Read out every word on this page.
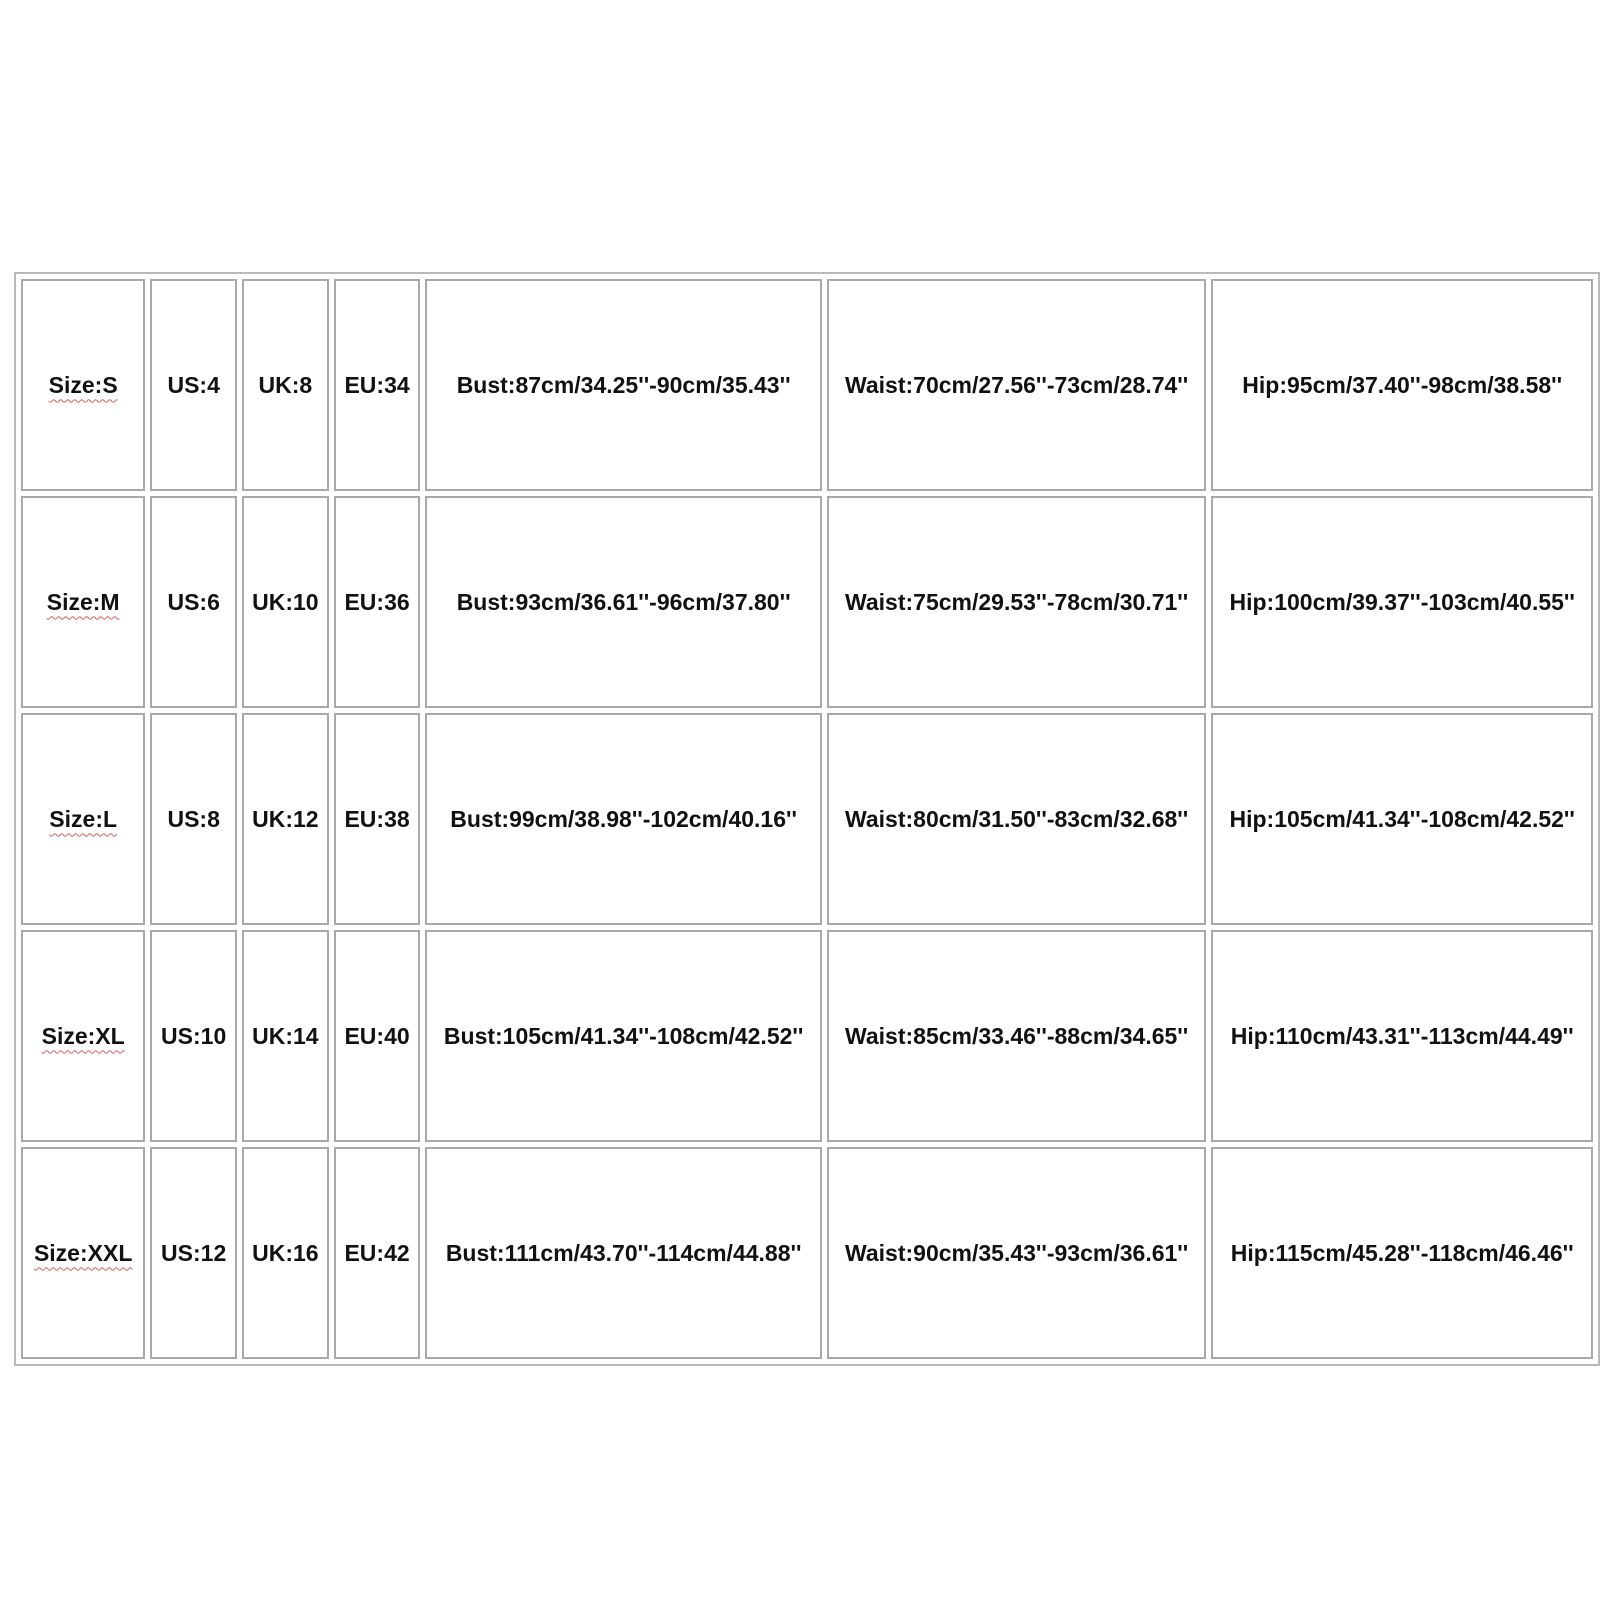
Size:S	US:4	UK:8	EU:34	Bust:87cm/34.25''-90cm/35.43''	Waist:70cm/27.56''-73cm/28.74''	Hip:95cm/37.40''-98cm/38.58''
Size:M	US:6	UK:10	EU:36	Bust:93cm/36.61''-96cm/37.80''	Waist:75cm/29.53''-78cm/30.71''	Hip:100cm/39.37''-103cm/40.55''
Size:L	US:8	UK:12	EU:38	Bust:99cm/38.98''-102cm/40.16''	Waist:80cm/31.50''-83cm/32.68''	Hip:105cm/41.34''-108cm/42.52''
Size:XL	US:10	UK:14	EU:40	Bust:105cm/41.34''-108cm/42.52''	Waist:85cm/33.46''-88cm/34.65''	Hip:110cm/43.31''-113cm/44.49''
Size:XXL	US:12	UK:16	EU:42	Bust:111cm/43.70''-114cm/44.88''	Waist:90cm/35.43''-93cm/36.61''	Hip:115cm/45.28''-118cm/46.46''
